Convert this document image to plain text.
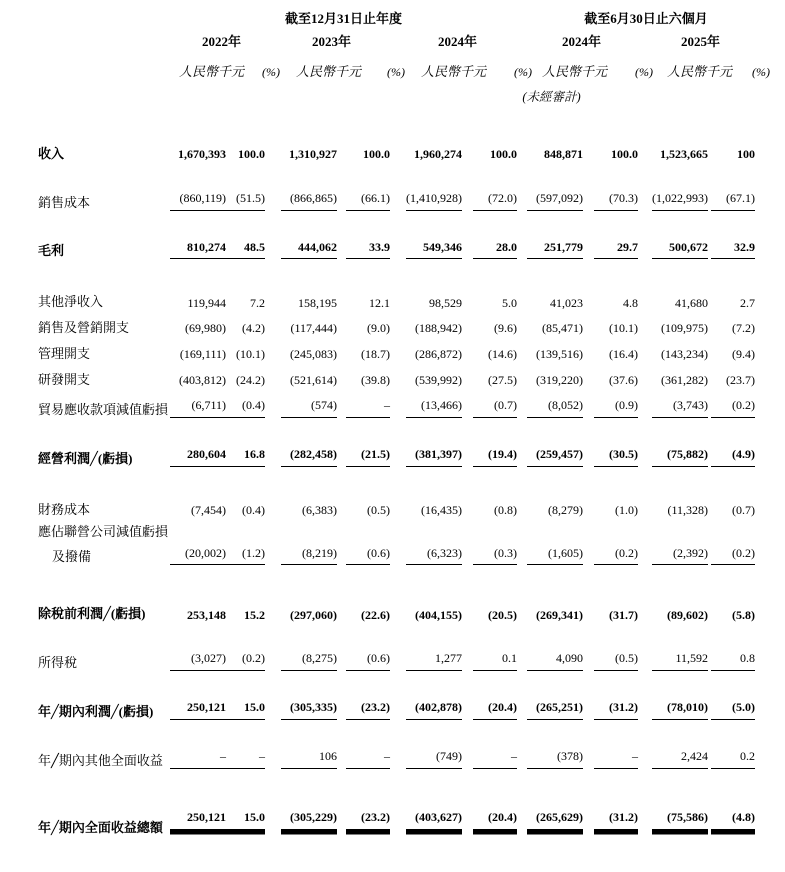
	截至12月31日止年度						截至6月30日止六個月			
	2022年		2023年		2024年		2024年		2025年	

	人民幣千元	(%)	人民幣千元	(%)	人民幣千元	(%)	人民幣千元	(%)	人民幣千元	(%)
							(未經審計)			
收入	1,670,393	100.0	1,310,927	100.0	1,960,274	100.0	848,871	100.0	1,523,665	100
銷售成本	(860,119)	(51.5)	(866,865)	(66.1)	(1,410,928)	(72.0)	(597,092)	(70.3)	(1,022,993)	(67.1)
毛利	810,274	48.5	444,062	33.9	549,346	28.0	251,779	29.7	500,672	32.9
其他淨收入	119,944	7.2	158,195	12.1	98,529	5.0	41,023	4.8	41,680	2.7
銷售及營銷開支	(69,980)	(4.2)	(117,444)	(9.0)	(188,942)	(9.6)	(85,471)	(10.1)	(109,975)	(7.2)
管理開支	(169,111)	(10.1)	(245,083)	(18.7)	(286,872)	(14.6)	(139,516)	(16.4)	(143,234)	(9.4)
研發開支	(403,812)	(24.2)	(521,614)	(39.8)	(539,992)	(27.5)	(319,220)	(37.6)	(361,282)	(23.7)
貿易應收款項減值虧損	(6,711)	(0.4)	(574)	–	(13,466)	(0.7)	(8,052)	(0.9)	(3,743)	(0.2)
經營利潤╱(虧損)	280,604	16.8	(282,458)	(21.5)	(381,397)	(19.4)	(259,457)	(30.5)	(75,882)	(4.9)
財務成本	(7,454)	(0.4)	(6,383)	(0.5)	(16,435)	(0.8)	(8,279)	(1.0)	(11,328)	(0.7)
應佔聯營公司減值虧損										
及撥備	(20,002)	(1.2)	(8,219)	(0.6)	(6,323)	(0.3)	(1,605)	(0.2)	(2,392)	(0.2)
除稅前利潤╱(虧損)	253,148	15.2	(297,060)	(22.6)	(404,155)	(20.5)	(269,341)	(31.7)	(89,602)	(5.8)
所得稅	(3,027)	(0.2)	(8,275)	(0.6)	1,277	0.1	4,090	(0.5)	11,592	0.8
年╱期內利潤╱(虧損)	250,121	15.0	(305,335)	(23.2)	(402,878)	(20.4)	(265,251)	(31.2)	(78,010)	(5.0)
年╱期內其他全面收益	–	–	106	–	(749)	–	(378)	–	2,424	0.2
年╱期內全面收益總額	250,121	15.0	(305,229)	(23.2)	(403,627)	(20.4)	(265,629)	(31.2)	(75,586)	(4.8)
